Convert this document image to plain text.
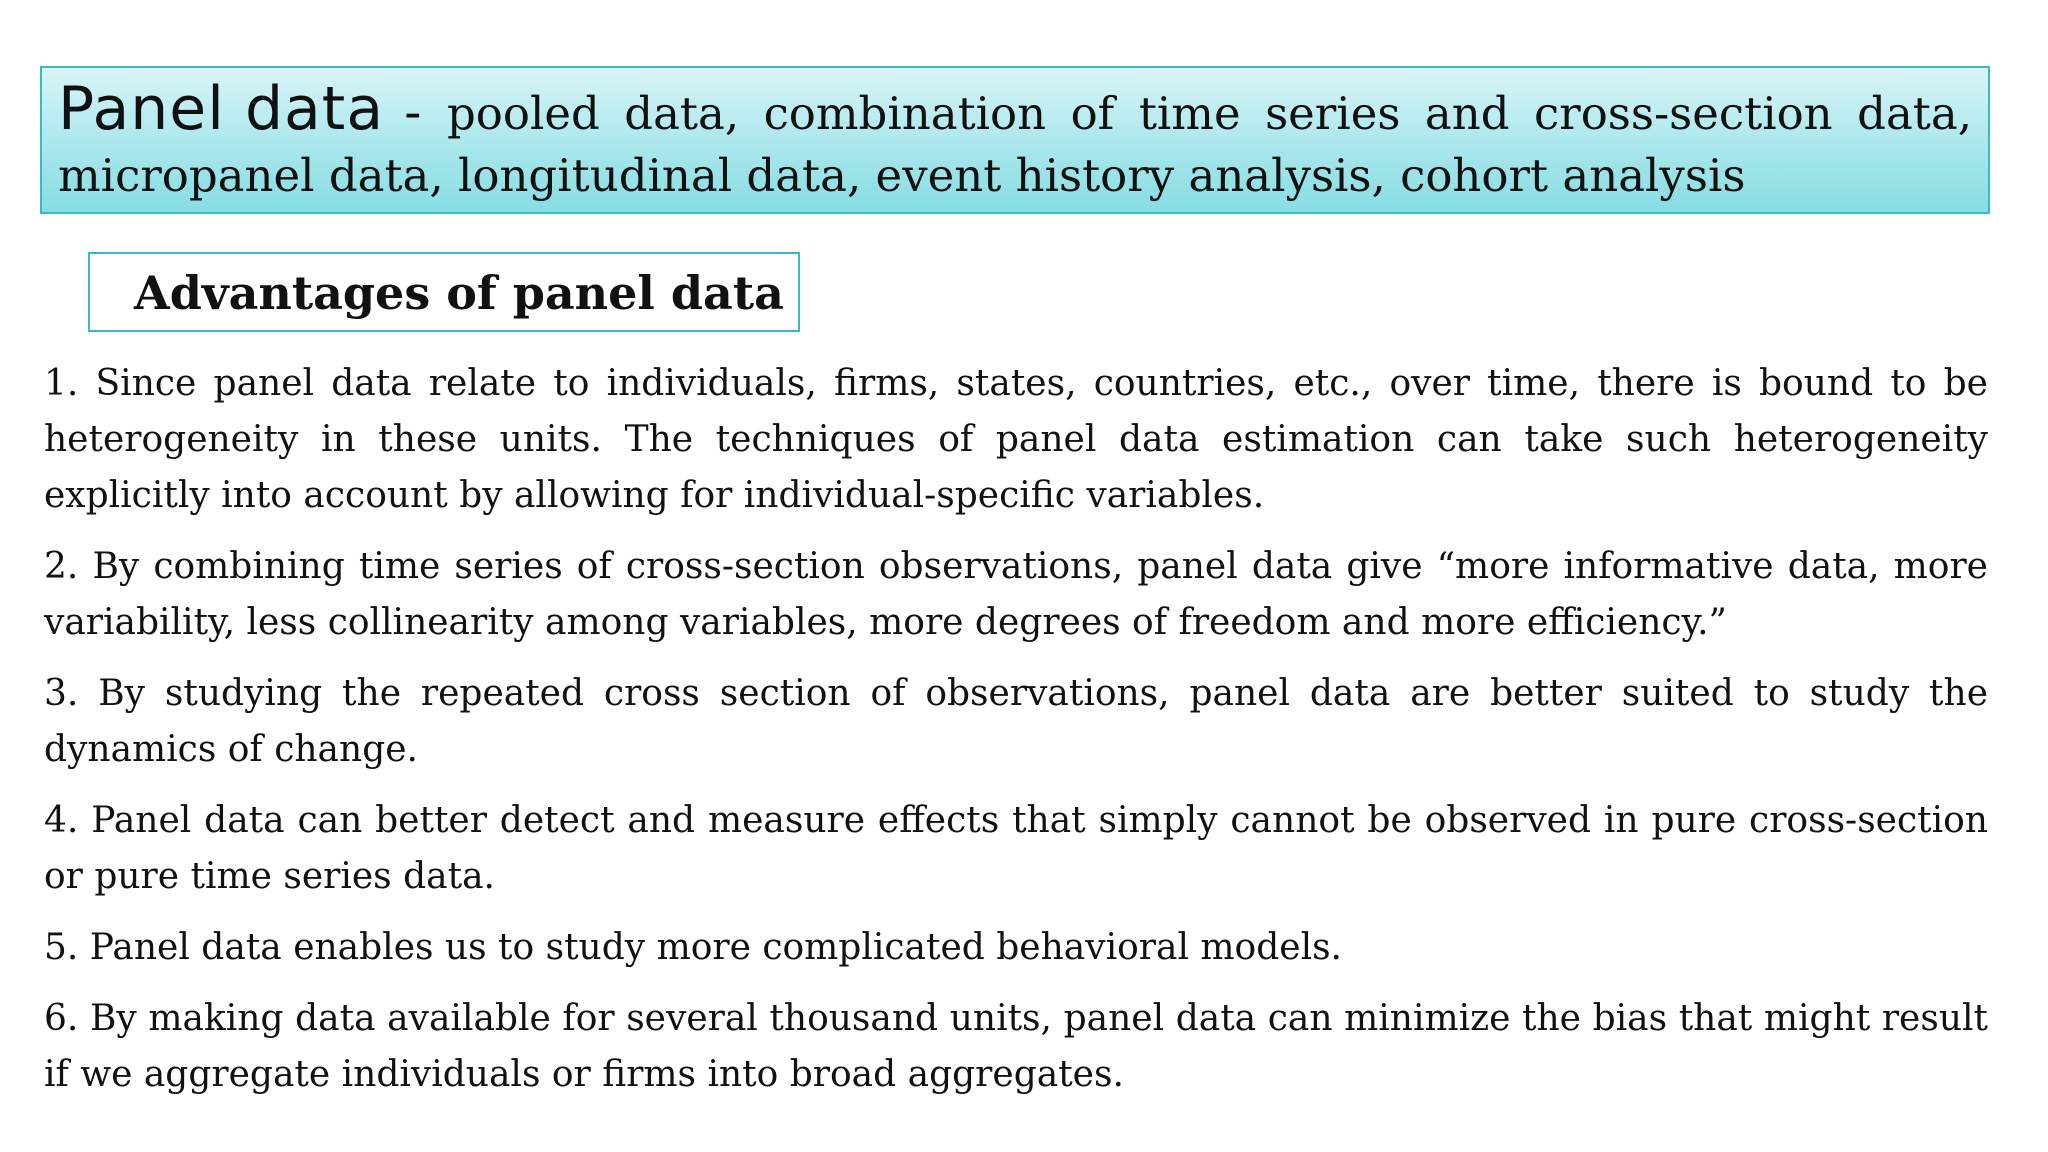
Panel data - pooled data, combination of time series and cross-section data,
micropanel data, longitudinal data, event history analysis, cohort analysis
Advantages of panel data

1. Since panel data relate to individuals, firms, states, countries, etc., over time, there is bound to be heterogeneity in these units. The techniques of panel data estimation can take such heterogeneity explicitly into account by allowing for individual-specific variables.

2. By combining time series of cross-section observations, panel data give “more informative data, more variability, less collinearity among variables, more degrees of freedom and more efficiency.”

3. By studying the repeated cross section of observations, panel data are better suited to study the dynamics of change.

4. Panel data can better detect and measure effects that simply cannot be observed in pure cross-section or pure time series data.

5. Panel data enables us to study more complicated behavioral models.

6. By making data available for several thousand units, panel data can minimize the bias that might result if we aggregate individuals or firms into broad aggregates.
